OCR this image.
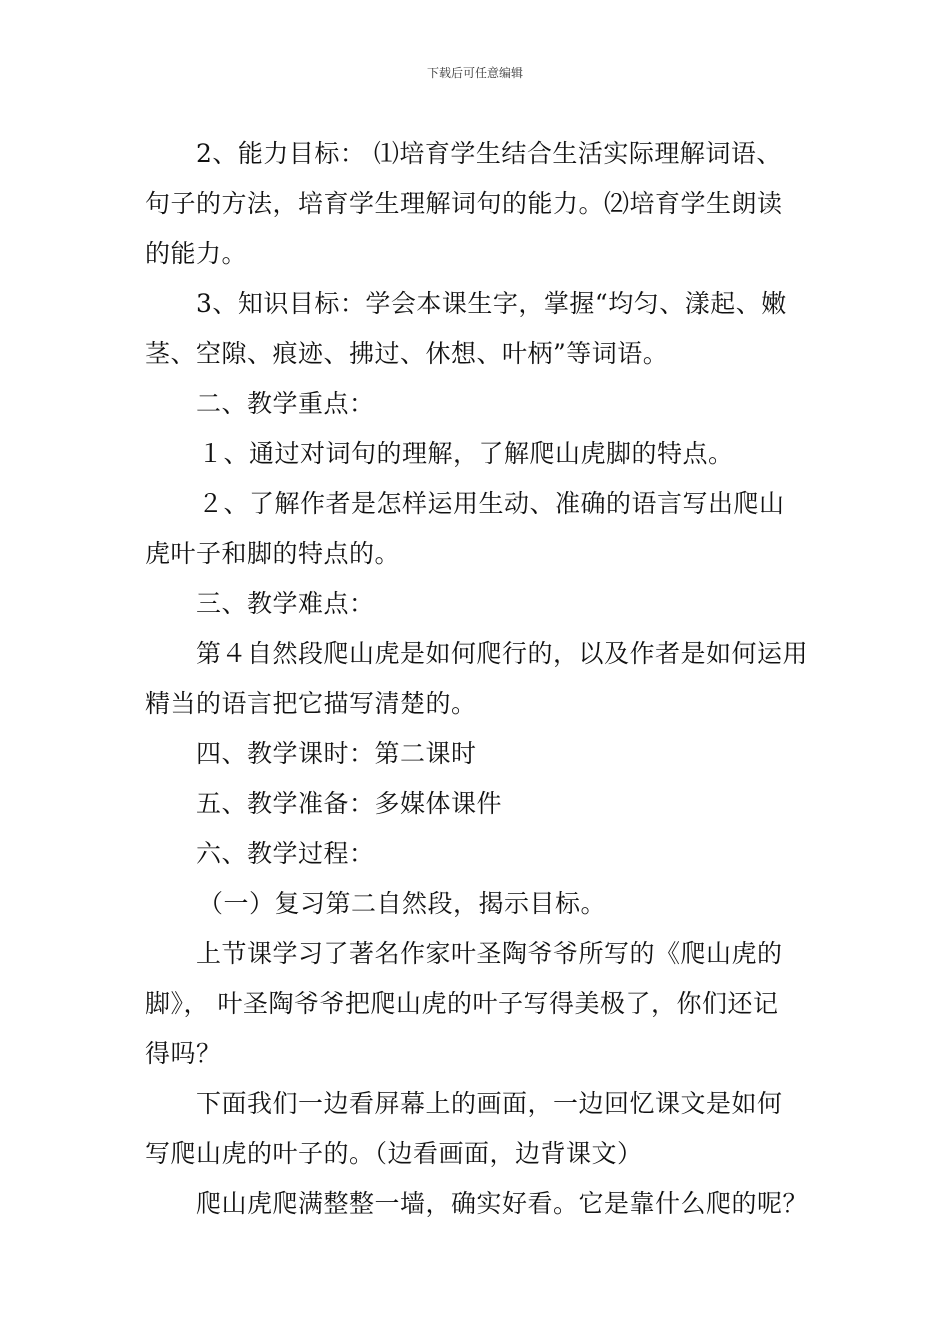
下载后可任意编辑
2、能力目标： ⑴培育学生结合生活实际理解词语、
句子的方法，培育学生理解词句的能力。⑵培育学生朗读
的能力。
3、知识目标：学会本课生字，掌握“均匀、漾起、嫩
茎、空隙、痕迹、拂过、休想、叶柄”等词语。
二、教学重点：
１、通过对词句的理解，了解爬山虎脚的特点。
２、了解作者是怎样运用生动、准确的语言写出爬山
虎叶子和脚的特点的。
三、教学难点：
第４自然段爬山虎是如何爬行的，以及作者是如何运用
精当的语言把它描写清楚的。
四、教学课时：第二课时
五、教学准备：多媒体课件
六、教学过程：
（一）复习第二自然段，揭示目标。
上节课学习了著名作家叶圣陶爷爷所写的《爬山虎的
脚》， 叶圣陶爷爷把爬山虎的叶子写得美极了，你们还记
得吗？
下面我们一边看屏幕上的画面，一边回忆课文是如何
写爬山虎的叶子的。（边看画面，边背课文）
爬山虎爬满整整一墙，确实好看。它是靠什么爬的呢？
